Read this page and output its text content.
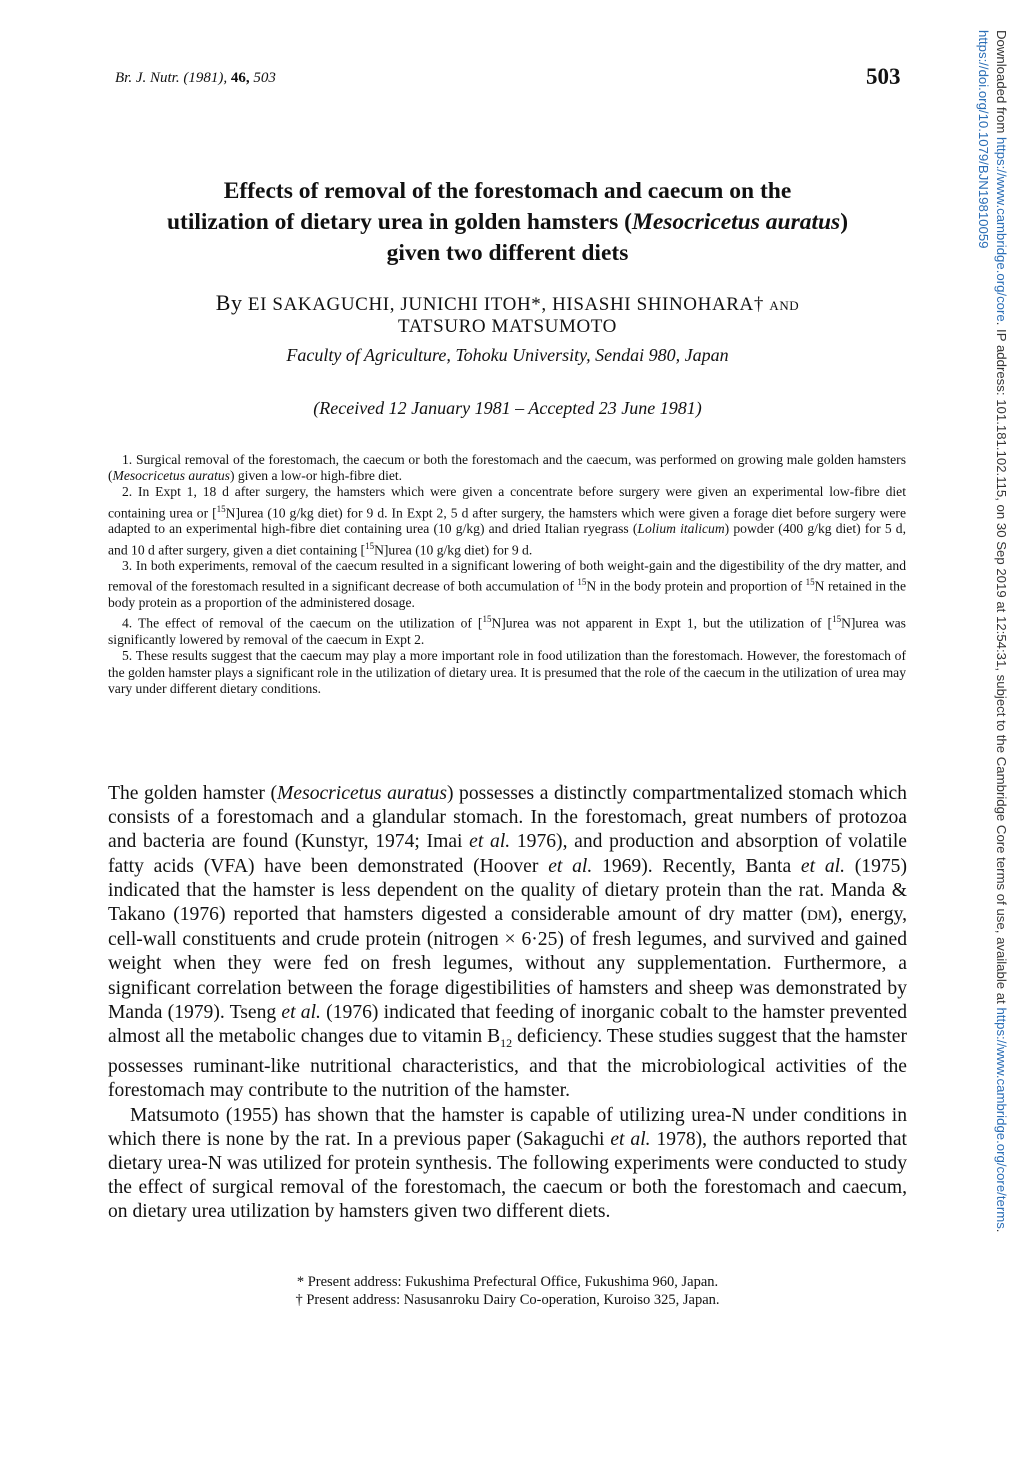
Br. J. Nutr. (1981), 46, 503	503
Effects of removal of the forestomach and caecum on the
utilization of dietary urea in golden hamsters (Mesocricetus auratus)
given two different diets
By EI SAKAGUCHI, JUNICHI ITOH*, HISASHI SHINOHARA† AND
TATSURO MATSUMOTO
Faculty of Agriculture, Tohoku University, Sendai 980, Japan
(Received 12 January 1981 – Accepted 23 June 1981)

1. Surgical removal of the forestomach, the caecum or both the forestomach and the caecum, was performed on growing male golden hamsters (Mesocricetus auratus) given a low-or high-fibre diet.

2. In Expt 1, 18 d after surgery, the hamsters which were given a concentrate before surgery were given an experimental low-fibre diet containing urea or [$^{15}$N]urea (10 g/kg diet) for 9 d. In Expt 2, 5 d after surgery, the hamsters which were given a forage diet before surgery were adapted to an experimental high-fibre diet containing urea (10 g/kg) and dried Italian ryegrass (Lolium italicum) powder (400 g/kg diet) for 5 d, and 10 d after surgery, given a diet containing [$^{15}$N]urea (10 g/kg diet) for 9 d.

3. In both experiments, removal of the caecum resulted in a significant lowering of both weight-gain and the digestibility of the dry matter, and removal of the forestomach resulted in a significant decrease of both accumulation of $^{15}$N in the body protein and proportion of $^{15}$N retained in the body protein as a proportion of the administered dosage.

4. The effect of removal of the caecum on the utilization of [$^{15}$N]urea was not apparent in Expt 1, but the utilization of [$^{15}$N]urea was significantly lowered by removal of the caecum in Expt 2.

5. These results suggest that the caecum may play a more important role in food utilization than the forestomach. However, the forestomach of the golden hamster plays a significant role in the utilization of dietary urea. It is presumed that the role of the caecum in the utilization of urea may vary under different dietary conditions.

The golden hamster (Mesocricetus auratus) possesses a distinctly compartmentalized stomach which consists of a forestomach and a glandular stomach. In the forestomach, great numbers of protozoa and bacteria are found (Kunstyr, 1974; Imai et al. 1976), and production and absorption of volatile fatty acids (VFA) have been demonstrated (Hoover et al. 1969). Recently, Banta et al. (1975) indicated that the hamster is less dependent on the quality of dietary protein than the rat. Manda & Takano (1976) reported that hamsters digested a considerable amount of dry matter (DM), energy, cell-wall constituents and crude protein (nitrogen × 6·25) of fresh legumes, and survived and gained weight when they were fed on fresh legumes, without any supplementation. Furthermore, a significant correlation between the forage digestibilities of hamsters and sheep was demonstrated by Manda (1979). Tseng et al. (1976) indicated that feeding of inorganic cobalt to the hamster prevented almost all the metabolic changes due to vitamin $B_{12}$ deficiency. These studies suggest that the hamster possesses ruminant-like nutritional characteristics, and that the microbiological activities of the forestomach may contribute to the nutrition of the hamster.

Matsumoto (1955) has shown that the hamster is capable of utilizing urea-N under conditions in which there is none by the rat. In a previous paper (Sakaguchi et al. 1978), the authors reported that dietary urea-N was utilized for protein synthesis. The following experiments were conducted to study the effect of surgical removal of the forestomach, the caecum or both the forestomach and caecum, on dietary urea utilization by hamsters given two different diets.

* Present address: Fukushima Prefectural Office, Fukushima 960, Japan.
† Present address: Nasusanroku Dairy Co-operation, Kuroiso 325, Japan.
Downloaded from https://www.cambridge.org/core. IP address: 101.181.102.115, on 30 Sep 2019 at 12:54:31, subject to the Cambridge Core terms of use, available at https://www.cambridge.org/core/terms.
https://doi.org/10.1079/BJN19810059
